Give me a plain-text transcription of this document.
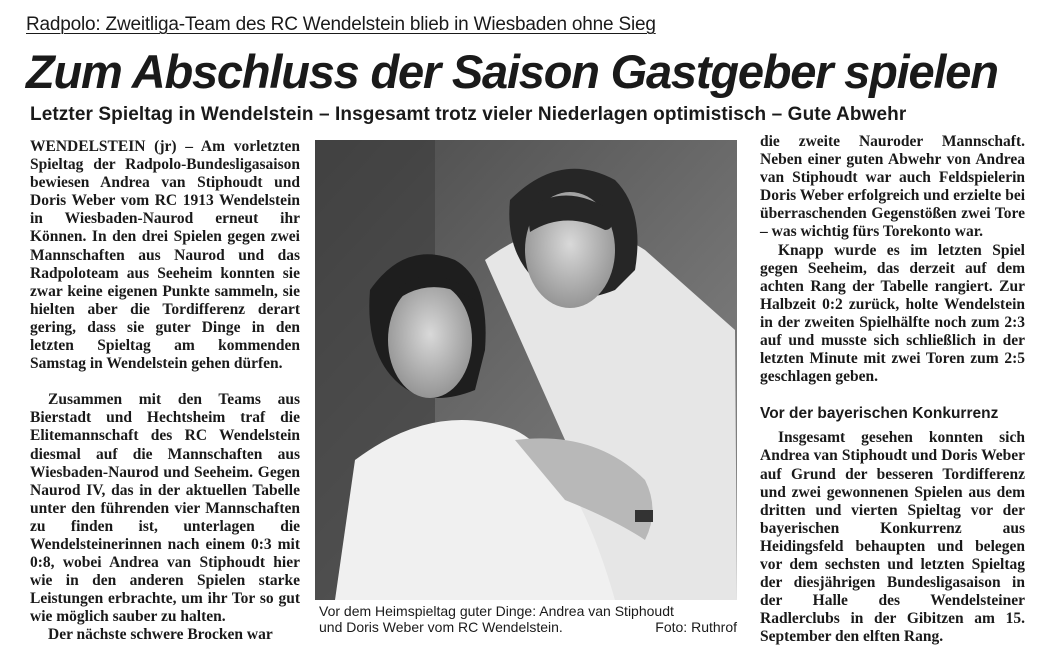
Radpolo: Zweitliga-Team des RC Wendelstein blieb in Wiesbaden ohne Sieg
Zum Abschluss der Saison Gastgeber spielen
Letzter Spieltag in Wendelstein – Insgesamt trotz vieler Niederlagen optimistisch – Gute Abwehr

WENDELSTEIN (jr) – Am vorletzten Spieltag der Radpolo-Bundesligasaison bewiesen Andrea van Stiphoudt und Doris Weber vom RC 1913 Wendelstein in Wiesbaden-Naurod erneut ihr Können. In den drei Spielen gegen zwei Mannschaften aus Naurod und das Radpoloteam aus Seeheim konnten sie zwar keine eigenen Punkte sammeln, sie hielten aber die Tordifferenz derart gering, dass sie guter Dinge in den letzten Spieltag am kommenden Samstag in Wendelstein gehen dürfen.

Zusammen mit den Teams aus Bierstadt und Hechtsheim traf die Elitemannschaft des RC Wendelstein diesmal auf die Mannschaften aus Wiesbaden-Naurod und Seeheim. Gegen Naurod IV, das in der aktuellen Tabelle unter den führenden vier Mannschaften zu finden ist, unterlagen die Wendelsteinerinnen nach einem 0:3 mit 0:8, wobei Andrea van Stiphoudt hier wie in den anderen Spielen starke Leistungen erbrachte, um ihr Tor so gut wie möglich sauber zu halten.

Der nächste schwere Brocken war

Vor dem Heimspieltag guter Dinge: Andrea van Stiphoudt
und Doris Weber vom RC Wendelstein.	Foto: Ruthrof

die zweite Nauroder Mannschaft. Neben einer guten Abwehr von Andrea van Stiphoudt war auch Feldspielerin Doris Weber erfolgreich und erzielte bei überraschenden Gegenstößen zwei Tore – was wichtig fürs Torekonto war.

Knapp wurde es im letzten Spiel gegen Seeheim, das derzeit auf dem achten Rang der Tabelle rangiert. Zur Halbzeit 0:2 zurück, holte Wendelstein in der zweiten Spielhälfte noch zum 2:3 auf und musste sich schließlich in der letzten Minute mit zwei Toren zum 2:5 geschlagen geben.

Vor der bayerischen Konkurrenz

Insgesamt gesehen konnten sich Andrea van Stiphoudt und Doris Weber auf Grund der besseren Tordifferenz und zwei gewonnenen Spielen aus dem dritten und vierten Spieltag vor der bayerischen Konkurrenz aus Heidingsfeld behaupten und belegen vor dem sechsten und letzten Spieltag der diesjährigen Bundesligasaison in der Halle des Wendelsteiner Radlerclubs in der Gibitzen am 15. September den elften Rang.
